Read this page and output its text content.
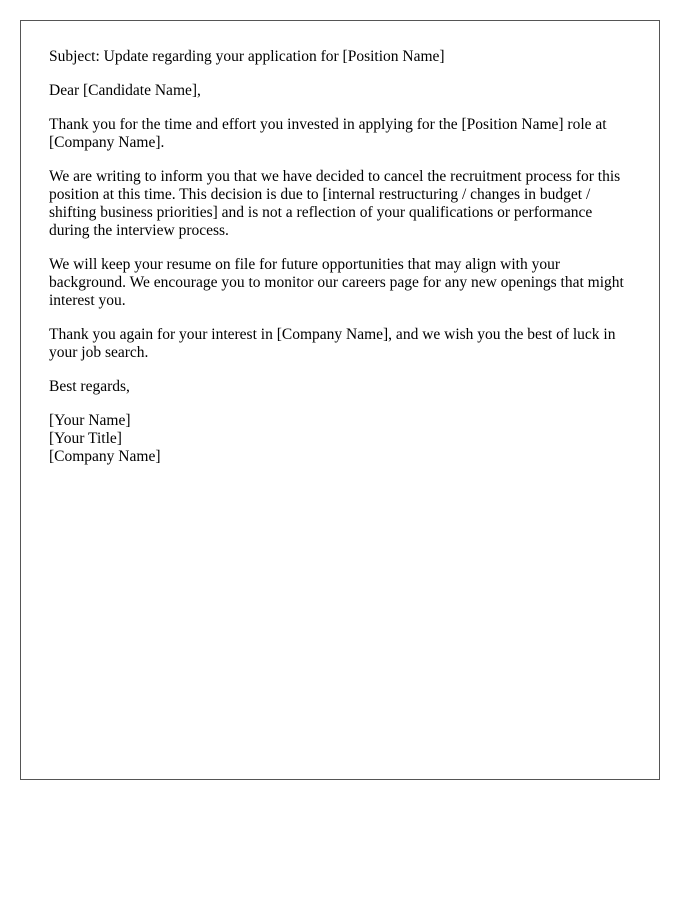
Subject: Update regarding your application for [Position Name]

Dear [Candidate Name],

Thank you for the time and effort you invested in applying for the [Position Name] role at [Company Name].

We are writing to inform you that we have decided to cancel the recruitment process for this position at this time. This decision is due to [internal restructuring / changes in budget / shifting business priorities] and is not a reflection of your qualifications or performance during the interview process.

We will keep your resume on file for future opportunities that may align with your background. We encourage you to monitor our careers page for any new openings that might interest you.

Thank you again for your interest in [Company Name], and we wish you the best of luck in your job search.

Best regards,

[Your Name]
[Your Title]
[Company Name]
